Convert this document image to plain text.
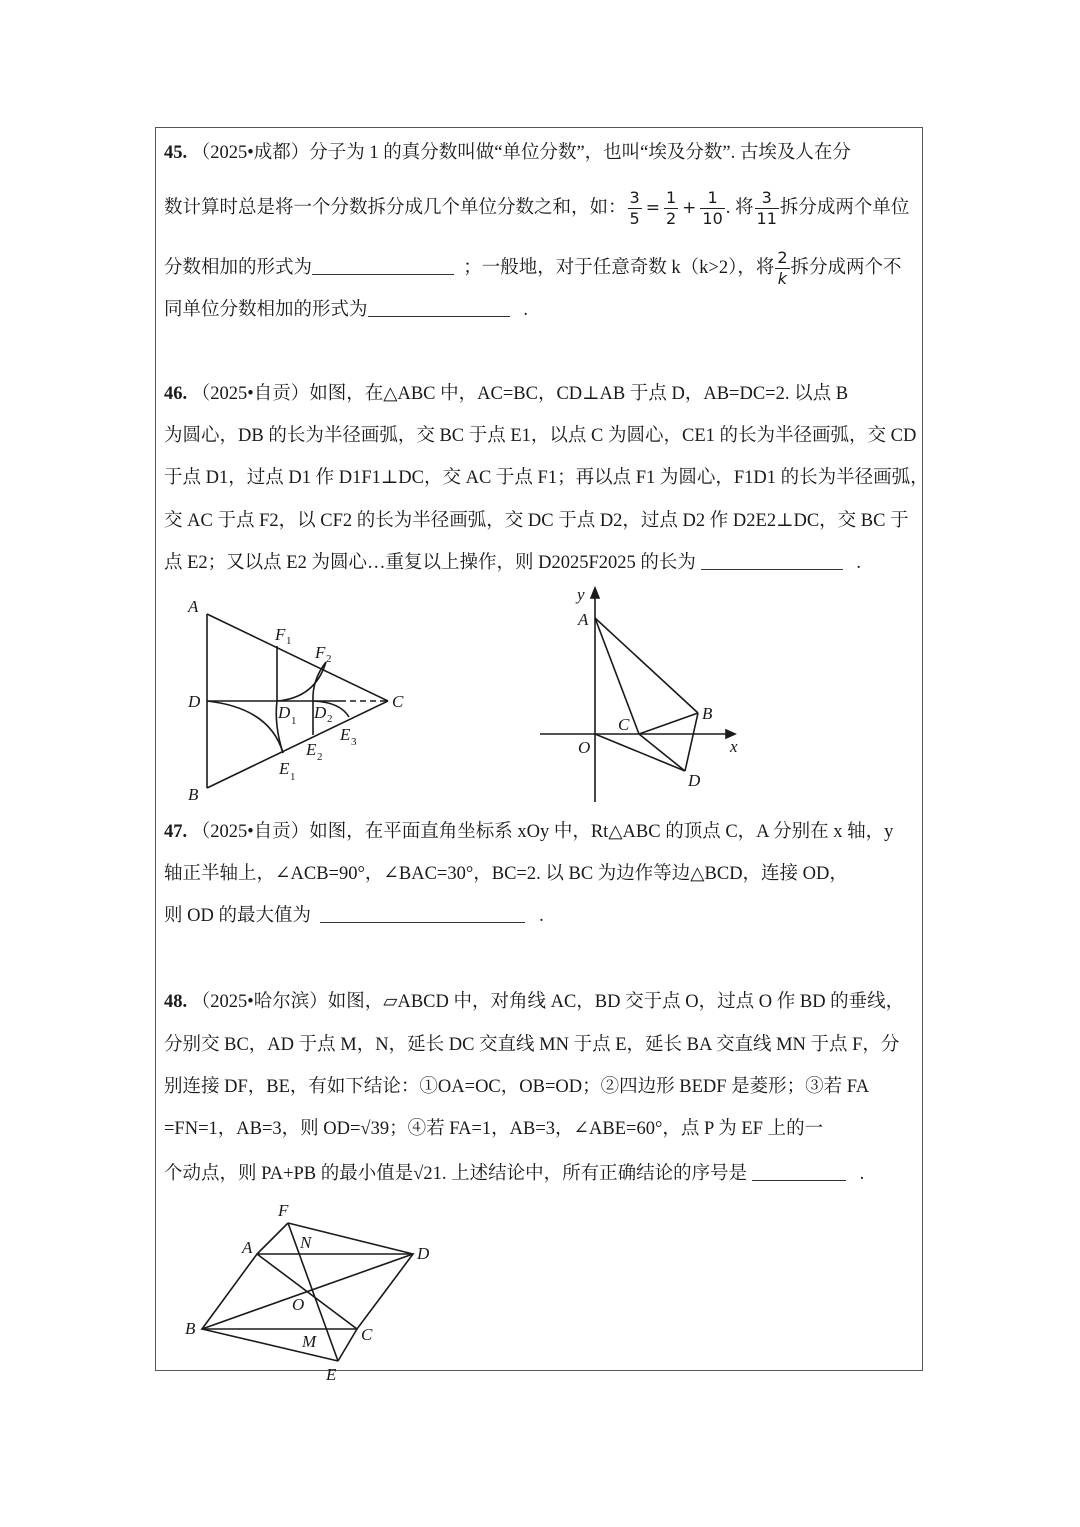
45. （2025•成都）分子为 1 的真分数叫做“单位分数”，也叫“埃及分数”. 古埃及人在分
数计算时总是将一个分数拆分成几个单位分数之和，如： $\frac{3}{5} = \frac{1}{2} + \frac{1}{10}$ . 将 $\frac{3}{11}$ 拆分成两个单位
分数相加的形式为	；一般地，对于任意奇数 k（k>2），将 $\frac{2}{k}$ 拆分成两个不
同单位分数相加的形式为	.
46. （2025•自贡）如图，在△ABC 中，AC=BC，CD⊥AB 于点 D，AB=DC=2. 以点 B
为圆心，DB 的长为半径画弧，交 BC 于点 E1，以点 C 为圆心，CE1 的长为半径画弧，交 CD
于点 D1，过点 D1 作 D1F1⊥DC，交 AC 于点 F1；再以点 F1 为圆心，F1D1 的长为半径画弧，
交 AC 于点 F2，以 CF2 的长为半径画弧，交 DC 于点 D2，过点 D2 作 D2E2⊥DC，交 BC 于
点 E2；又以点 E2 为圆心…重复以上操作，则 D2025F2025 的长为	.
A
B
C
D
F 1
F 2
D 1 D 2
E 1
E 2
E 3
y
A
B
C
O	x
D
47. （2025•自贡）如图，在平面直角坐标系 xOy 中，Rt△ABC 的顶点 C，A 分别在 x 轴，y
轴正半轴上，∠ACB=90°，∠BAC=30°，BC=2. 以 BC 为边作等边△BCD，连接 OD，
则 OD 的最大值为	.
48. （2025•哈尔滨）如图，▱ABCD 中，对角线 AC，BD 交于点 O，过点 O 作 BD 的垂线，
分别交 BC，AD 于点 M，N，延长 DC 交直线 MN 于点 E，延长 BA 交直线 MN 于点 F，分
别连接 DF，BE，有如下结论：①OA=OC，OB=OD；②四边形 BEDF 是菱形；③若 FA
=FN=1，AB=3，则 OD=√39；④若 FA=1，AB=3，∠ABE=60°，点 P 为 EF 上的一
个动点，则 PA+PB 的最小值是√21. 上述结论中，所有正确结论的序号是	.
F
A	N
D
O
B
M	C
E
